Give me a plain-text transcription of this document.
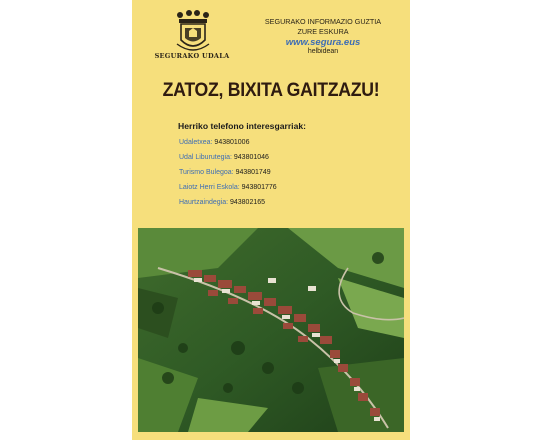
SEGURAKO UDALA
SEGURAKO INFORMAZIO GUZTIA
ZURE ESKURA
www.segura.eus
helbidean
ZATOZ, BIXITA GAITZAZU!
Herriko telefono interesgarriak:
Udaletxea: 943801006
Udal Liburutegia: 943801046
Turismo Bulegoa: 943801749
Laiotz Herri Eskola: 943801776
Haurtzaindegia: 943802165
